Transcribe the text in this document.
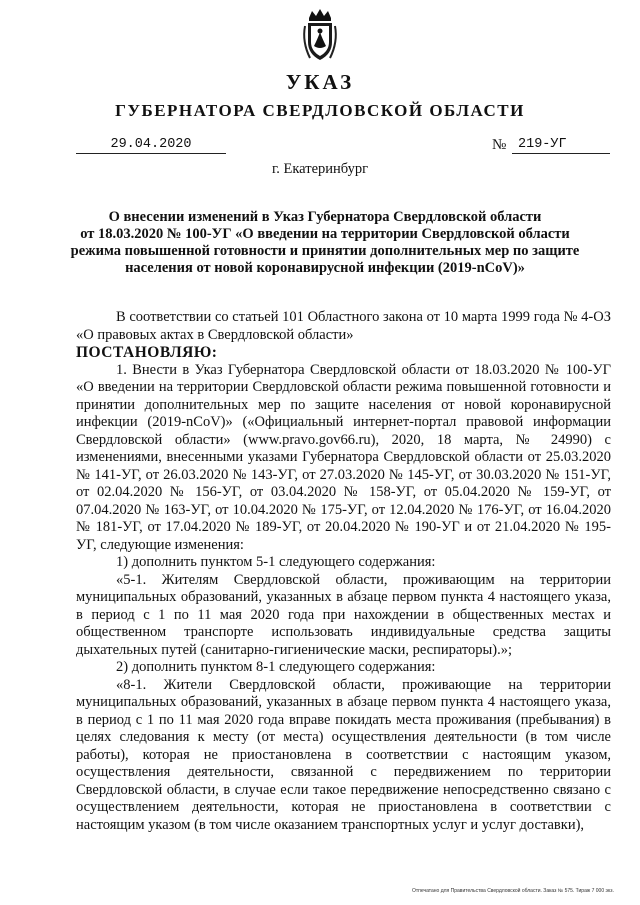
УКАЗ
ГУБЕРНАТОРА СВЕРДЛОВСКОЙ ОБЛАСТИ
29.04.2020	№ 219-УГ
г. Екатеринбург
О внесении изменений в Указ Губернатора Свердловской области
от 18.03.2020 № 100-УГ «О введении на территории Свердловской области
режима повышенной готовности и принятии дополнительных мер по защите
населения от новой коронавирусной инфекции (2019-nCoV)»

В соответствии со статьей 101 Областного закона от 10 марта 1999 года № 4-ОЗ «О правовых актах в Свердловской области»

ПОСТАНОВЛЯЮ:

1. Внести в Указ Губернатора Свердловской области от 18.03.2020 № 100-УГ «О введении на территории Свердловской области режима повышенной готовности и принятии дополнительных мер по защите населения от новой коронавирусной инфекции (2019-nCoV)» («Официальный интернет-портал правовой информации Свердловской области» (www.pravo.gov66.ru), 2020, 18 марта, № 24990) с изменениями, внесенными указами Губернатора Свердловской области от 25.03.2020 № 141-УГ, от 26.03.2020 № 143-УГ, от 27.03.2020 № 145-УГ, от 30.03.2020 № 151-УГ, от 02.04.2020 № 156-УГ, от 03.04.2020 № 158-УГ, от 05.04.2020 № 159-УГ, от 07.04.2020 № 163-УГ, от 10.04.2020 № 175-УГ, от 12.04.2020 № 176-УГ, от 16.04.2020 № 181-УГ, от 17.04.2020 № 189-УГ, от 20.04.2020 № 190-УГ и от 21.04.2020 № 195-УГ, следующие изменения:

1) дополнить пунктом 5-1 следующего содержания:

«5-1. Жителям Свердловской области, проживающим на территории муниципальных образований, указанных в абзаце первом пункта 4 настоящего указа, в период с 1 по 11 мая 2020 года при нахождении в общественных местах и общественном транспорте использовать индивидуальные средства защиты дыхательных путей (санитарно-гигиенические маски, респираторы).»;

2) дополнить пунктом 8-1 следующего содержания:

«8-1. Жители Свердловской области, проживающие на территории муниципальных образований, указанных в абзаце первом пункта 4 настоящего указа, в период с 1 по 11 мая 2020 года вправе покидать места проживания (пребывания) в целях следования к месту (от места) осуществления деятельности (в том числе работы), которая не приостановлена в соответствии с настоящим указом, осуществления деятельности, связанной с передвижением по территории Свердловской области, в случае если такое передвижение непосредственно связано с осуществлением деятельности, которая не приостановлена в соответствии с настоящим указом (в том числе оказанием транспортных услуг и услуг доставки),

Отпечатано для Правительства Свердловской области. Заказ № 575. Тираж 7 000 экз.
